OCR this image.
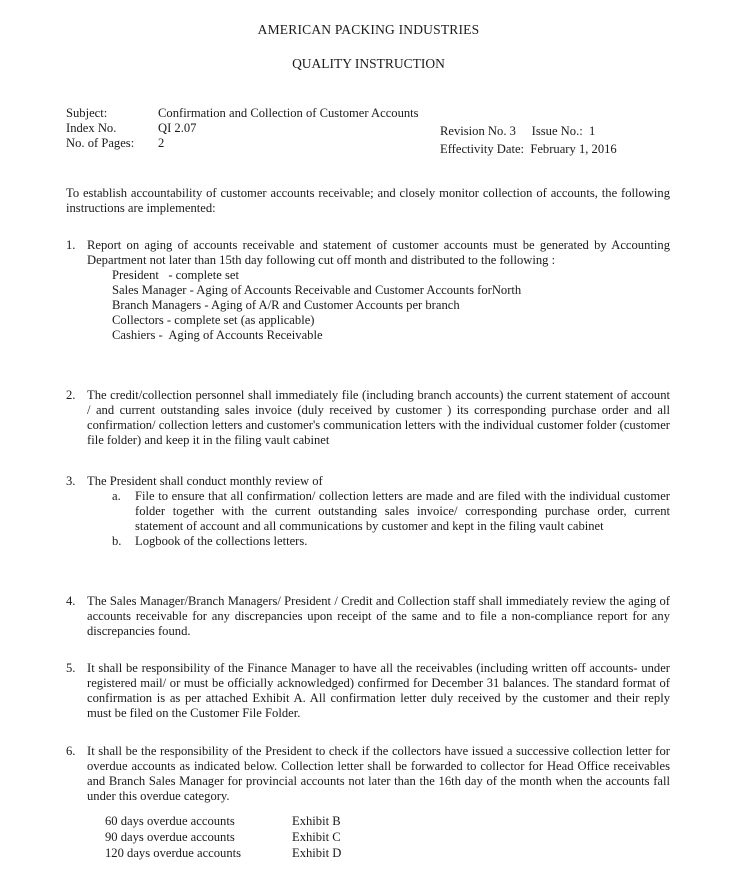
AMERICAN PACKING INDUSTRIES
QUALITY INSTRUCTION
Subject:	Confirmation and Collection of Customer Accounts
Index No.	QI 2.07
No. of Pages: 2
Revision No. 3     Issue No.:  1
Effectivity Date:  February 1, 2016
To establish accountability of customer accounts receivable; and closely monitor collection of accounts, the following instructions are implemented:
1. Report on aging of accounts receivable and statement of customer accounts must be generated by Accounting Department not later than 15th day following cut off month and distributed to the following :
President   - complete set
Sales Manager - Aging of Accounts Receivable and Customer Accounts forNorth
Branch Managers - Aging of A/R and Customer Accounts per branch
Collectors - complete set (as applicable)
Cashiers -  Aging of Accounts Receivable
2. The credit/collection personnel shall immediately file (including branch accounts) the current statement of account / and current outstanding sales invoice (duly received by customer ) its corresponding purchase order and all confirmation/ collection letters and customer's communication letters with the individual customer folder (customer file folder) and keep it in the filing vault cabinet
3. The President shall conduct monthly review of
a. File to ensure that all confirmation/ collection letters are made and are filed with the individual customer folder together with the current outstanding sales invoice/ corresponding purchase order, current statement of account and all communications by customer and kept in the filing vault cabinet
b. Logbook of the collections letters.
4. The Sales Manager/Branch Managers/ President / Credit and Collection staff shall immediately review the aging of accounts receivable for any discrepancies upon receipt of the same and to file a non-compliance report for any discrepancies found.
5. It shall be responsibility of the Finance Manager to have all the receivables (including written off accounts- under registered mail/ or must be officially acknowledged) confirmed for December 31 balances. The standard format of confirmation is as per attached Exhibit A. All confirmation letter duly received by the customer and their reply must be filed on the Customer File Folder.
6. It shall be the responsibility of the President to check if the collectors have issued a successive collection letter for overdue accounts as indicated below. Collection letter shall be forwarded to collector for Head Office receivables and Branch Sales Manager for provincial accounts not later than the 16th day of the month when the accounts fall under this overdue category.
60 days overdue accounts	Exhibit B
90 days overdue accounts	Exhibit C
120 days overdue accounts	Exhibit D
